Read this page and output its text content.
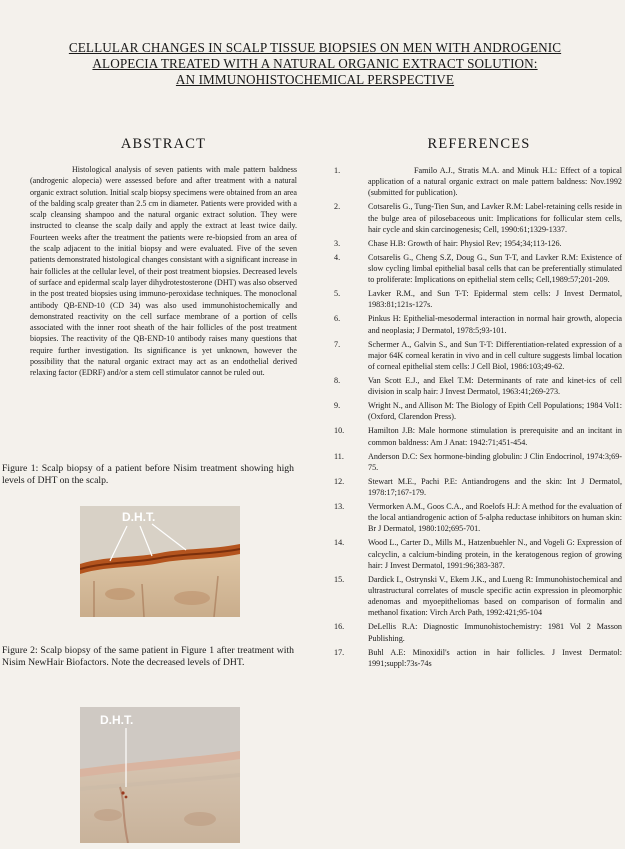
CELLULAR CHANGES IN SCALP TISSUE BIOPSIES ON MEN WITH ANDROGENIC
ALOPECIA TREATED WITH A NATURAL ORGANIC EXTRACT SOLUTION:
AN IMMUNOHISTOCHEMICAL PERSPECTIVE
ABSTRACT

Histological analysis of seven patients with male pattern baldness (androgenic alopecia) were assessed before and after treatment with a natural organic extract solution. Initial scalp biopsy specimens were obtained from an area of the balding scalp greater than 2.5 cm in diameter. Patients were provided with a scalp cleansing shampoo and the natural organic extract solution. They were instructed to cleanse the scalp daily and apply the extract at least twice daily. Fourteen weeks after the treatment the patients were re-biopsied from an area of the scalp adjacent to the initial biopsy and were evaluated. Five of the seven patients demonstrated histological changes consistant with a significant increase in hair follicles at the cellular level, of their post treatment biopsies. Decreased levels of surface and epidermal scalp layer dihydrotestosterone (DHT) was also observed in the post treated biopsies using immuno-peroxidase techniques. The monoclonal antibody QB-END-10 (CD 34) was also used immunohistochemically and demonstrated reactivity on the cell surface membrane of a portion of cells associated with the inner root sheath of the hair follicles of the post treatment biopsies. The reactivity of the QB-END-10 antibody raises many questions that require further investigation. Its significance is yet unknown, however the possibility that the natural organic extract may act as an endothelial derived relaxing factor (EDRF) and/or a stem cell stimulator cannot be ruled out.

Figure 1: Scalp biopsy of a patient before Nisim treatment showing high levels of DHT on the scalp.

D.H.T.

Figure 2: Scalp biopsy of the same patient in Figure 1 after treatment with Nisim NewHair Biofactors. Note the decreased levels of DHT.

D.H.T.
REFERENCES
1.	Familo A.J., Stratis M.A. and Minuk H.L: Effect of a topical application of a natural organic extract on male pattern baldness: Nov.1992 (submitted for publication).
2.	Cotsarelis G., Tung-Tien Sun, and Lavker R.M: Label-retaining cells reside in the bulge area of pilosebaceous unit: Implications for follicular stem cells, hair cycle and skin carcinogenesis; Cell, 1990:61;1329-1337.
3.	Chase H.B: Growth of hair: Physiol Rev; 1954;34;113-126.
4.	Cotsarelis G., Cheng S.Z, Doug G., Sun T-T, and Lavker R.M: Existence of slow cycling limbal epithelial basal cells that can be preferentially stimulated to proliferate: Implications on epithelial stem cells; Cell,1989:57;201-209.
5.	Lavker R.M., and Sun T-T: Epidermal stem cells: J Invest Dermatol, 1983:81;121s-127s.
6.	Pinkus H: Epithelial-mesodermal interaction in normal hair growth, alopecia and neoplasia; J Dermatol, 1978:5;93-101.
7.	Schermer A., Galvin S., and Sun T-T: Differentiation-related expression of a major 64K corneal keratin in vivo and in cell culture suggests limbal location of corneal epithelial stem cells: J Cell Biol, 1986:103;49-62.
8.	Van Scott E.J., and Ekel T.M: Determinants of rate and kinet-ics of cell division in scalp hair: J Invest Dermatol, 1963:41;269-273.
9.	Wright N., and Allison M: The Biology of Epith Cell Populations; 1984 Vol1:(Oxford, Clarendon Press).
10.	Hamilton J.B: Male hormone stimulation is prerequisite and an incitant in common baldness: Am J Anat: 1942:71;451-454.
11.	Anderson D.C: Sex hormone-binding globulin: J Clin Endocrinol, 1974:3;69-75.
12.	Stewart M.E., Pachi P.E: Antiandrogens and the skin: Int J Dermatol, 1978:17;167-179.
13.	Vermorken A.M., Goos C.A., and Roelofs H.J: A method for the evaluation of the local antiandrogenic action of 5-alpha reductase inhibitors on human skin: Br J Dermatol, 1980:102;695-701.
14.	Wood L., Carter D., Mills M., Hatzenbuehler N., and Vogeli G: Expression of calcyclin, a calcium-binding protein, in the keratogenous region of growing hair: J Invest Dermatol, 1991:96;383-387.
15.	Dardick I., Ostrynski V., Ekem J.K., and Lueng R: Immunohistochemical and ultrastructural correlates of muscle specific actin expression in pleomorphic adenomas and myoepitheliomas based on comparison of formalin and methanol fixation: Virch Arch Path, 1992:421;95-104
16.	DeLellis R.A: Diagnostic Immunohistochemistry: 1981 Vol 2 Masson Publishing.
17.	Buhl A.E: Minoxidil's action in hair follicles. J Invest Dermatol: 1991;suppl:73s-74s
